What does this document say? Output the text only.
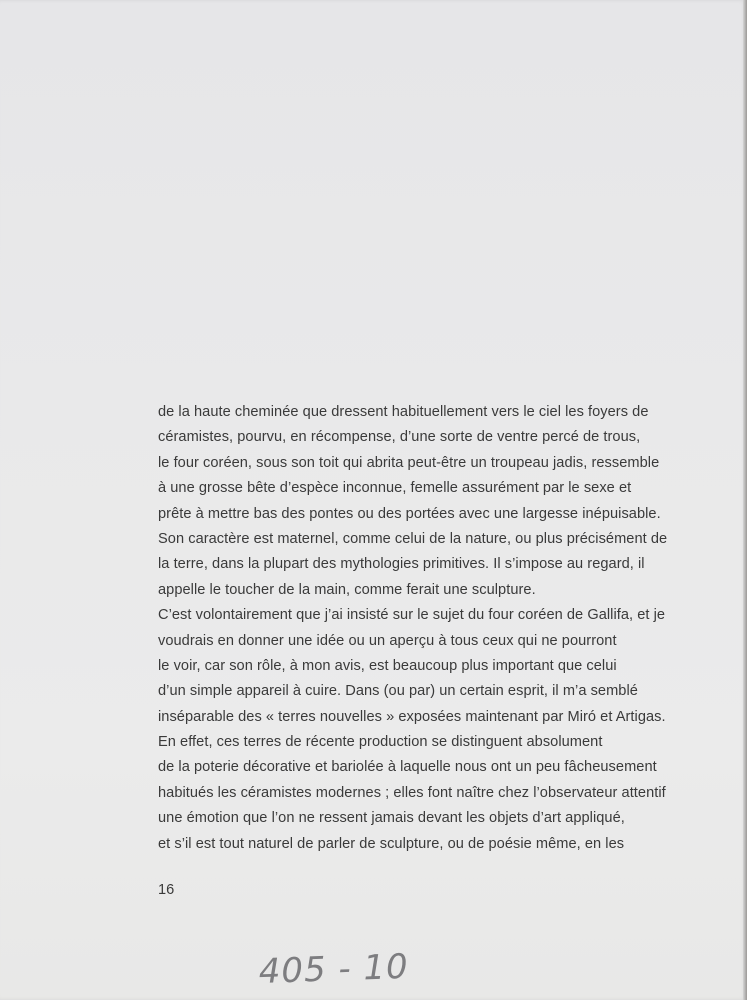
de la haute cheminée que dressent habituellement vers le ciel les foyers de
céramistes, pourvu, en récompense, d’une sorte de ventre percé de trous,
le four coréen, sous son toit qui abrita peut-être un troupeau jadis, ressemble
à une grosse bête d’espèce inconnue, femelle assurément par le sexe et
prête à mettre bas des pontes ou des portées avec une largesse inépuisable.
Son caractère est maternel, comme celui de la nature, ou plus précisément de
la terre, dans la plupart des mythologies primitives. Il s’impose au regard, il
appelle le toucher de la main, comme ferait une sculpture.
C’est volontairement que j’ai insisté sur le sujet du four coréen de Gallifa, et je
voudrais en donner une idée ou un aperçu à tous ceux qui ne pourront
le voir, car son rôle, à mon avis, est beaucoup plus important que celui
d’un simple appareil à cuire. Dans (ou par) un certain esprit, il m’a semblé
inséparable des « terres nouvelles » exposées maintenant par Miró et Artigas.
En effet, ces terres de récente production se distinguent absolument
de la poterie décorative et bariolée à laquelle nous ont un peu fâcheusement
habitués les céramistes modernes ; elles font naître chez l’observateur attentif
une émotion que l’on ne ressent jamais devant les objets d’art appliqué,
et s’il est tout naturel de parler de sculpture, ou de poésie même, en les
16
405 - 10
